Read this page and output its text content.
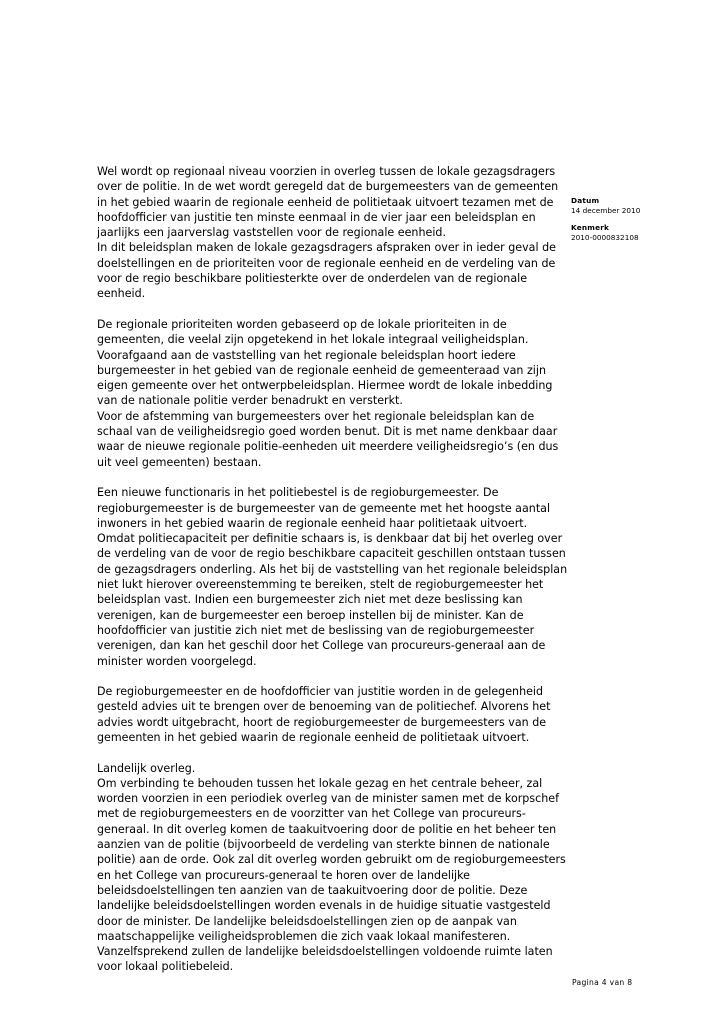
Wel wordt op regionaal niveau voorzien in overleg tussen de lokale gezagsdragers
over de politie. In de wet wordt geregeld dat de burgemeesters van de gemeenten
in het gebied waarin de regionale eenheid de politietaak uitvoert tezamen met de
hoofdofficier van justitie ten minste eenmaal in de vier jaar een beleidsplan en
jaarlijks een jaarverslag vaststellen voor de regionale eenheid.
In dit beleidsplan maken de lokale gezagsdragers afspraken over in ieder geval de
doelstellingen en de prioriteiten voor de regionale eenheid en de verdeling van de
voor de regio beschikbare politiesterkte over de onderdelen van de regionale
eenheid.
De regionale prioriteiten worden gebaseerd op de lokale prioriteiten in de
gemeenten, die veelal zijn opgetekend in het lokale integraal veiligheidsplan.
Voorafgaand aan de vaststelling van het regionale beleidsplan hoort iedere
burgemeester in het gebied van de regionale eenheid de gemeenteraad van zijn
eigen gemeente over het ontwerpbeleidsplan. Hiermee wordt de lokale inbedding
van de nationale politie verder benadrukt en versterkt.
Voor de afstemming van burgemeesters over het regionale beleidsplan kan de
schaal van de veiligheidsregio goed worden benut. Dit is met name denkbaar daar
waar de nieuwe regionale politie-eenheden uit meerdere veiligheidsregio’s (en dus
uit veel gemeenten) bestaan.
Een nieuwe functionaris in het politiebestel is de regioburgemeester. De
regioburgemeester is de burgemeester van de gemeente met het hoogste aantal
inwoners in het gebied waarin de regionale eenheid haar politietaak uitvoert.
Omdat politiecapaciteit per definitie schaars is, is denkbaar dat bij het overleg over
de verdeling van de voor de regio beschikbare capaciteit geschillen ontstaan tussen
de gezagsdragers onderling. Als het bij de vaststelling van het regionale beleidsplan
niet lukt hierover overeenstemming te bereiken, stelt de regioburgemeester het
beleidsplan vast. Indien een burgemeester zich niet met deze beslissing kan
verenigen, kan de burgemeester een beroep instellen bij de minister. Kan de
hoofdofficier van justitie zich niet met de beslissing van de regioburgemeester
verenigen, dan kan het geschil door het College van procureurs-generaal aan de
minister worden voorgelegd.
De regioburgemeester en de hoofdofficier van justitie worden in de gelegenheid
gesteld advies uit te brengen over de benoeming van de politiechef. Alvorens het
advies wordt uitgebracht, hoort de regioburgemeester de burgemeesters van de
gemeenten in het gebied waarin de regionale eenheid de politietaak uitvoert.
Landelijk overleg.
Om verbinding te behouden tussen het lokale gezag en het centrale beheer, zal
worden voorzien in een periodiek overleg van de minister samen met de korpschef
met de regioburgemeesters en de voorzitter van het College van procureurs-
generaal. In dit overleg komen de taakuitvoering door de politie en het beheer ten
aanzien van de politie (bijvoorbeeld de verdeling van sterkte binnen de nationale
politie) aan de orde. Ook zal dit overleg worden gebruikt om de regioburgemeesters
en het College van procureurs-generaal te horen over de landelijke
beleidsdoelstellingen ten aanzien van de taakuitvoering door de politie. Deze
landelijke beleidsdoelstellingen worden evenals in de huidige situatie vastgesteld
door de minister. De landelijke beleidsdoelstellingen zien op de aanpak van
maatschappelijke veiligheidsproblemen die zich vaak lokaal manifesteren.
Vanzelfsprekend zullen de landelijke beleidsdoelstellingen voldoende ruimte laten
voor lokaal politiebeleid.
Datum
14 december 2010
Kenmerk
2010-0000832108
Pagina 4 van 8
